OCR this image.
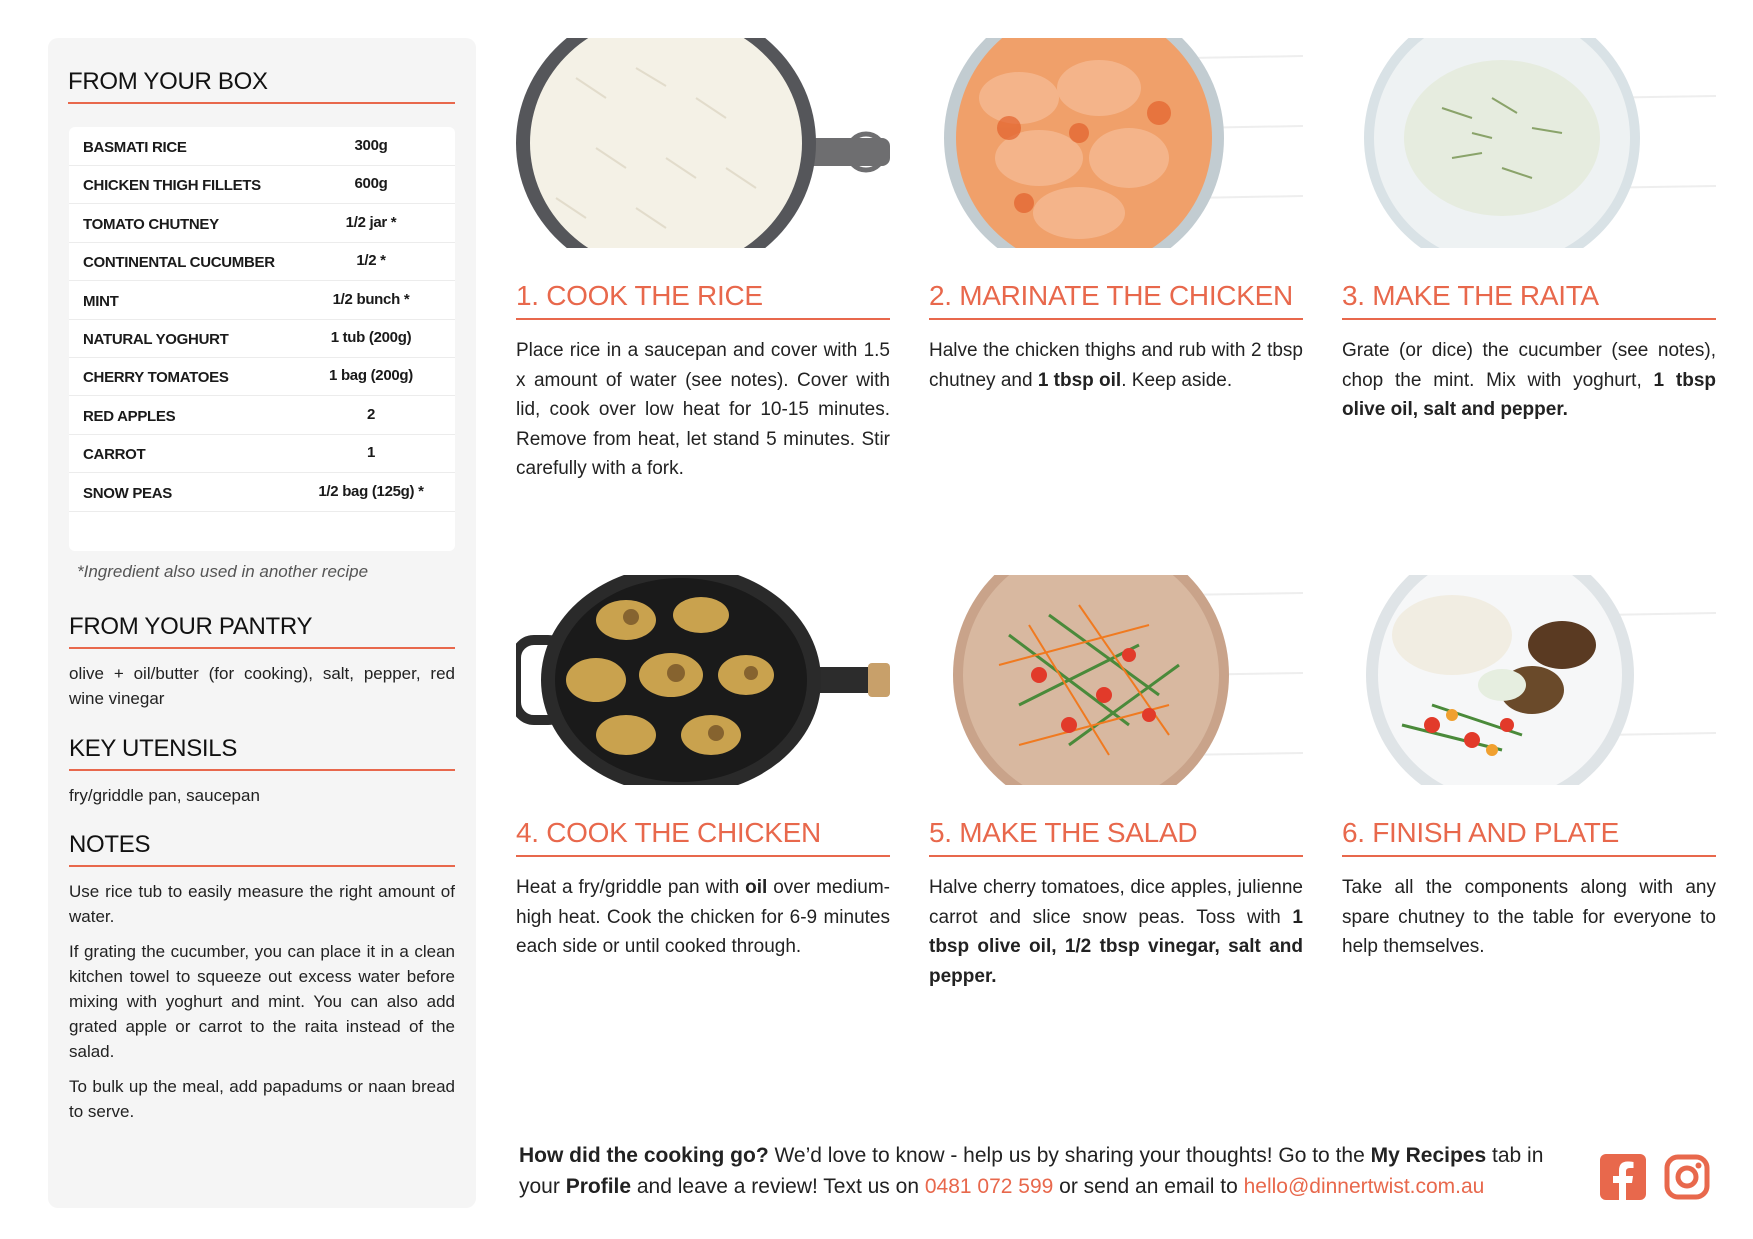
FROM YOUR BOX
BASMATI RICE	300g
CHICKEN THIGH FILLETS	600g
TOMATO CHUTNEY	1/2 jar *
CONTINENTAL CUCUMBER	1/2 *
MINT	1/2 bunch *
NATURAL YOGHURT	1 tub (200g)
CHERRY TOMATOES	1 bag (200g)
RED APPLES	2
CARROT	1
SNOW PEAS	1/2 bag (125g) *
*Ingredient also used in another recipe
FROM YOUR PANTRY

olive + oil/butter (for cooking), salt, pepper, red wine vinegar

KEY UTENSILS

fry/griddle pan, saucepan

NOTES

Use rice tub to easily measure the right amount of water.

If grating the cucumber, you can place it in a clean kitchen towel to squeeze out excess water before mixing with yoghurt and mint. You can also add grated apple or carrot to the raita instead of the salad.

To bulk up the meal, add papadums or naan bread to serve.

1. COOK THE RICE
Place rice in a saucepan and cover with 1.5 x amount of water (see notes). Cover with lid, cook over low heat for 10-15 minutes. Remove from heat, let stand 5 minutes. Stir carefully with a fork.
2. MARINATE THE CHICKEN
Halve the chicken thighs and rub with 2 tbsp chutney and 1 tbsp oil. Keep aside.
3. MAKE THE RAITA
Grate (or dice) the cucumber (see notes), chop the mint. Mix with yoghurt, 1 tbsp olive oil, salt and pepper.
4. COOK THE CHICKEN
Heat a fry/griddle pan with oil over medium-high heat. Cook the chicken for 6-9 minutes each side or until cooked through.
5. MAKE THE SALAD
Halve cherry tomatoes, dice apples, julienne carrot and slice snow peas. Toss with 1 tbsp olive oil, 1/2 tbsp vinegar, salt and pepper.
6. FINISH AND PLATE
Take all the components along with any spare chutney to the table for everyone to help themselves.
How did the cooking go? We’d love to know - help us by sharing your thoughts! Go to the My Recipes tab in your Profile and leave a review! Text us on 0481 072 599 or send an email to hello@dinnertwist.com.au
